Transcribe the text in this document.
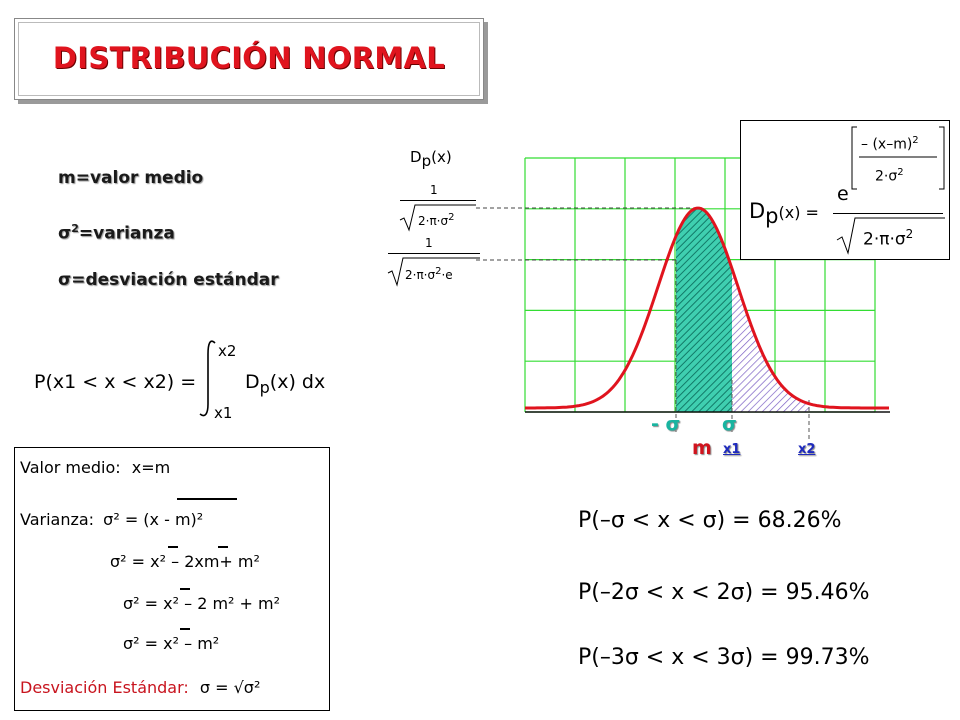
DISTRIBUCIÓN NORMAL
m=valor medio
$\sigma^2=varianza$
σ=desviación estándar
P(x1 < x < x2) =
x2
x1
$D_p(x)$ dx
Valor medio: x=m
Varianza: σ² = (x - m)²
σ² = x² – 2xm+ m²
σ² = x² – 2 m² + m²
σ² = x² – m²
Desviación Estándar: σ = √σ²
$D_p(x)$
1
$2\cdot\pi\cdot\sigma^2$
1
$2\cdot\pi\cdot\sigma^2\cdot e$
- σ σ
m x1	x2
$D_p(x)$ =
e
– $(x-m)^2$
$2\cdot\sigma^2$
$2\cdot\pi\cdot\sigma^2$
P(–σ < x < σ) = 68.26%
P(–2σ < x < 2σ) = 95.46%
P(–3σ < x < 3σ) = 99.73%
